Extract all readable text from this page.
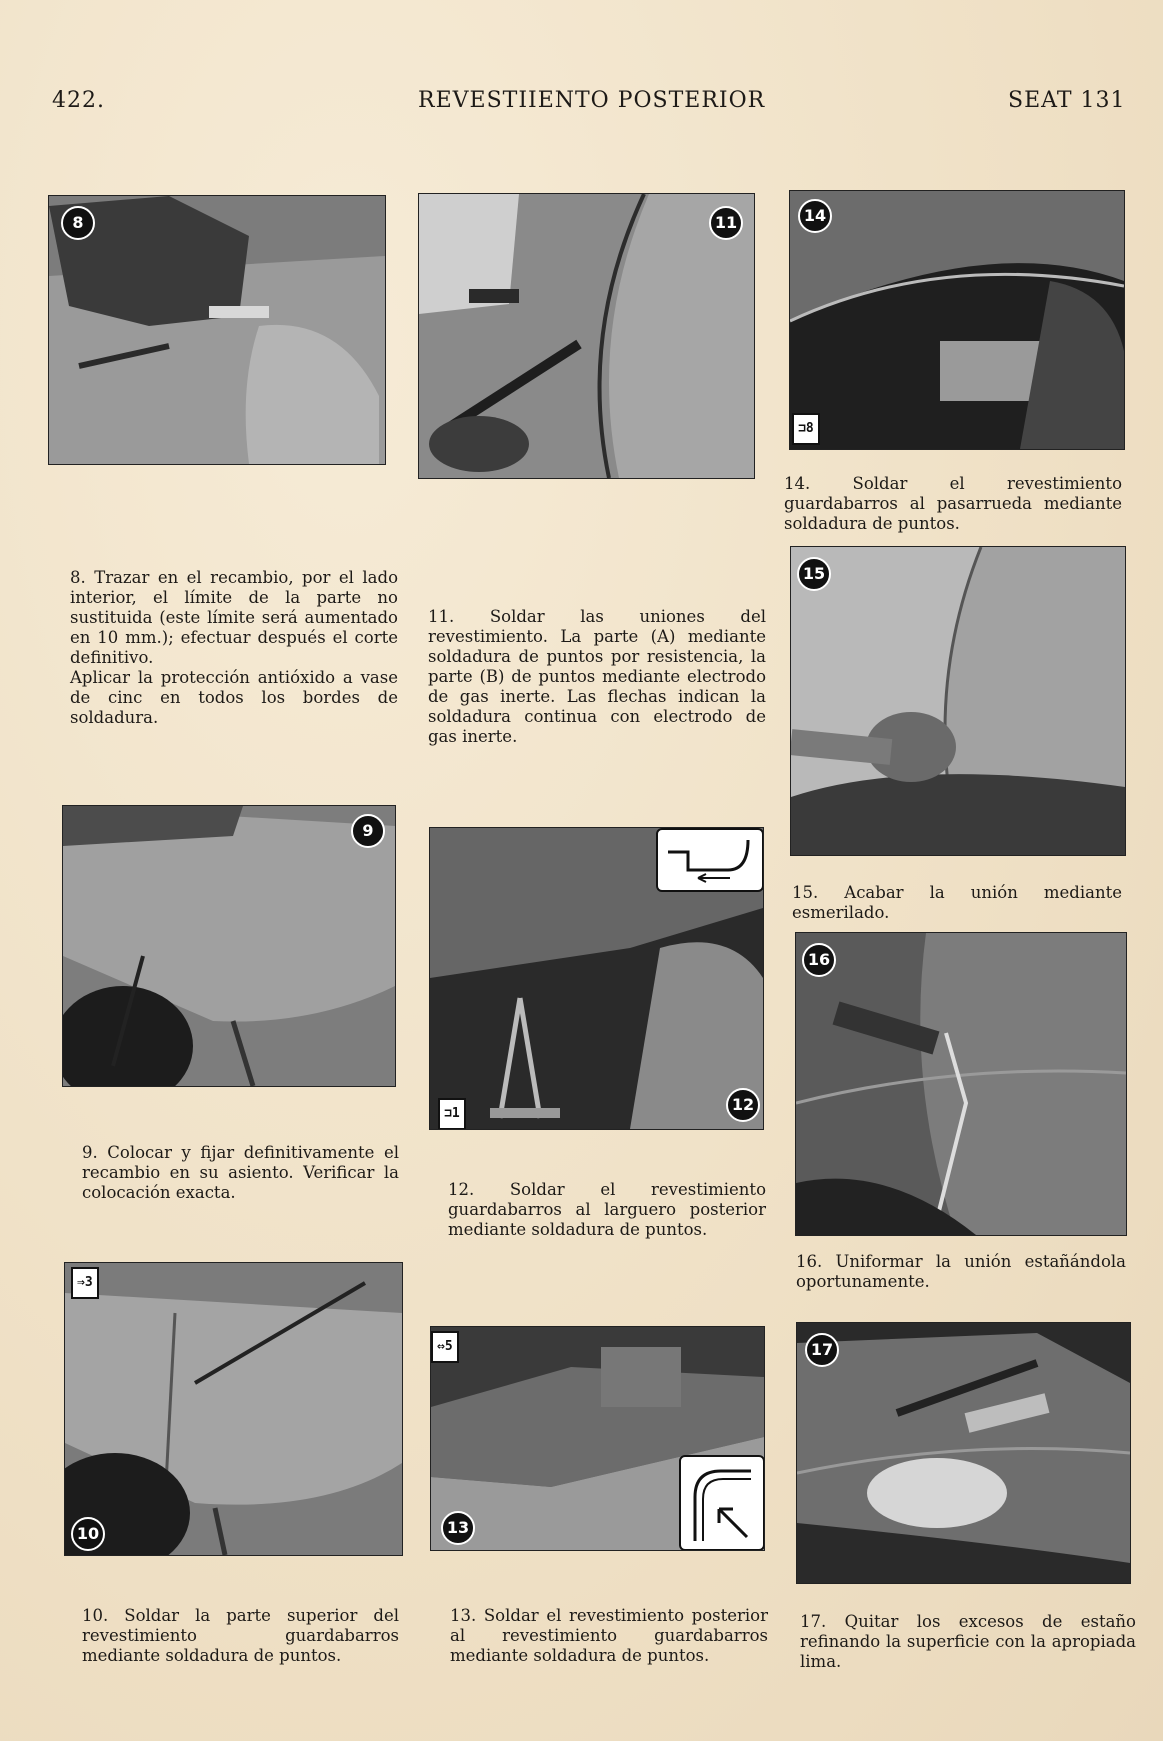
422.	REVESTIIENTO POSTERIOR	SEAT 131
8	11	14
⊐8

8. Trazar en el recambio, por el lado interior, el límite de la parte no sustituida (este límite será aumentado en 10 mm.); efectuar después el corte definitivo.

Aplicar la protección antióxido a vase de cinc en todos los bordes de soldadura.

11. Soldar las uniones del revestimiento. La parte (A) mediante soldadura de puntos por resistencia, la parte (B) de puntos mediante electrodo de gas inerte. Las flechas indican la soldadura continua con electrodo de gas inerte.

14. Soldar el revestimiento guardabarros al pasarrueda mediante soldadura de puntos.

15

15. Acabar la unión mediante esmerilado.

9
12
⊐1
16

9. Colocar y fijar definitivamente el recambio en su asiento. Verificar la colocación exacta.	12. Soldar el revestimiento guardabarros al larguero posterior mediante soldadura de puntos.

16. Uniformar la unión estañándola oportunamente.

⇒3
10
⇔5
13
17

10. Soldar la parte superior del revestimiento guardabarros mediante soldadura de puntos.

13. Soldar el revestimiento posterior al revestimiento guardabarros mediante soldadura de puntos.

17. Quitar los excesos de estaño refinando la superficie con la apropiada lima.
